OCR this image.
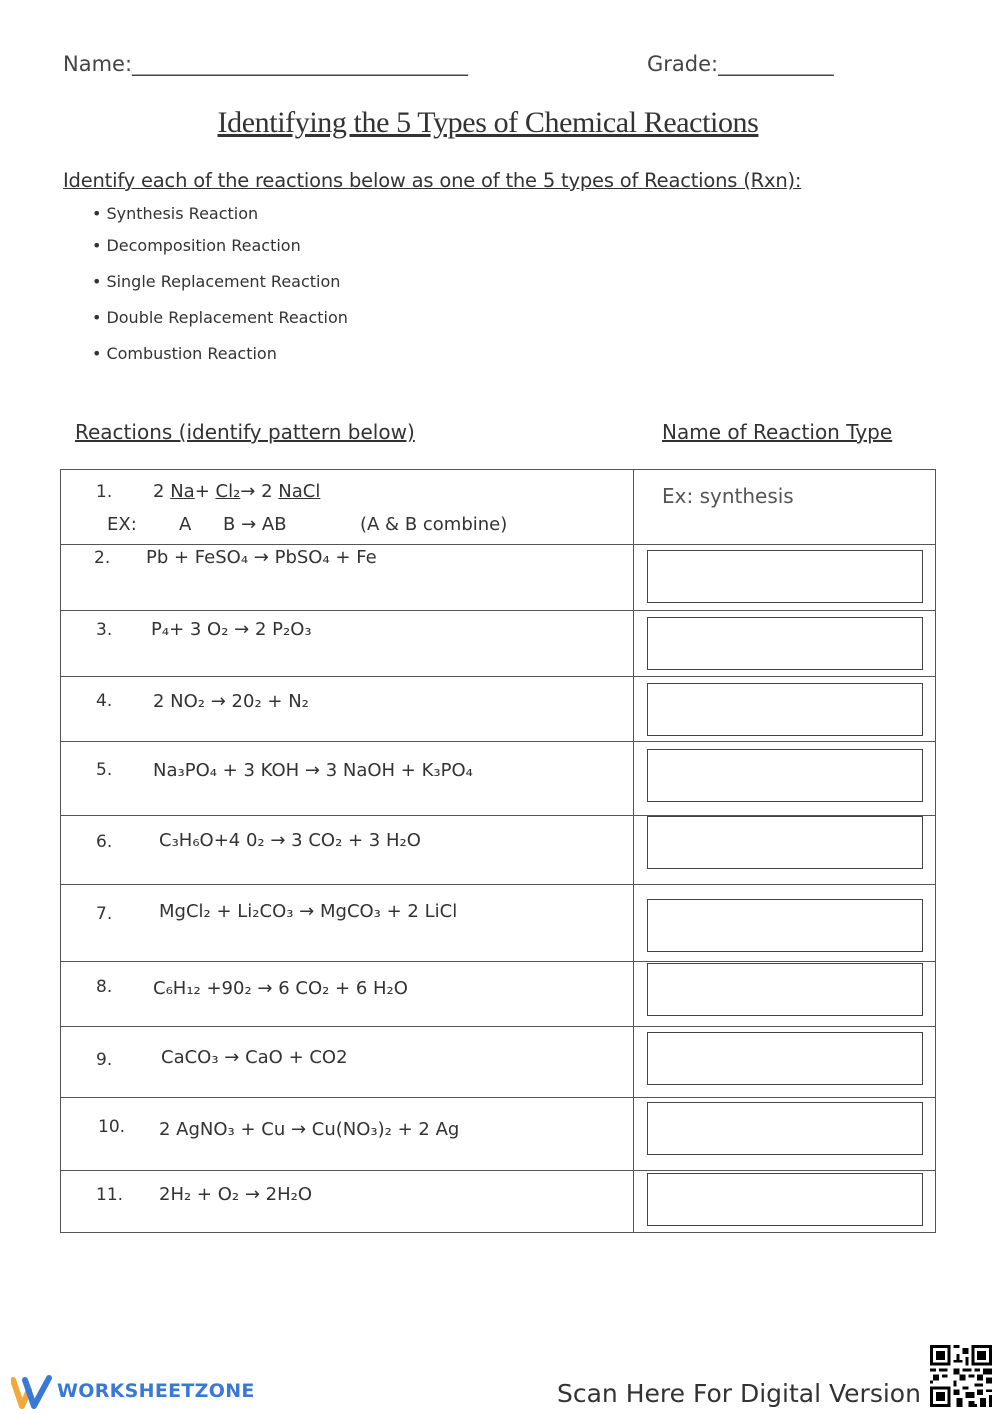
Name:________________________________	Grade:___________
Identifying the 5 Types of Chemical Reactions
Identify each of the reactions below as one of the 5 types of Reactions (Rxn):
• Synthesis Reaction
• Decomposition Reaction
• Single Replacement Reaction
• Double Replacement Reaction
• Combustion Reaction
Reactions (identify pattern below)	Name of Reaction Type
1. 2 Na+ Cl₂→ 2 NaCl
EX: A B → AB	(A & B combine)
Ex: synthesis
2. Pb + FeSO₄ → PbSO₄ + Fe
3. P₄+ 3 O₂ → 2 P₂O₃
4. 2 NO₂ → 20₂ + N₂
5. Na₃PO₄ + 3 KOH → 3 NaOH + K₃PO₄
6.	C₃H₆O+4 0₂ → 3 CO₂ + 3 H₂O
7.	MgCl₂ + Li₂CO₃ → MgCO₃ + 2 LiCl
8. C₆H₁₂ +90₂ → 6 CO₂ + 6 H₂O
9.	CaCO₃ → CaO + CO2
10. 2 AgNO₃ + Cu → Cu(NO₃)₂ + 2 Ag
11. 2H₂ + O₂ → 2H₂O
WORKSHEETZONE	Scan Here For Digital Version
